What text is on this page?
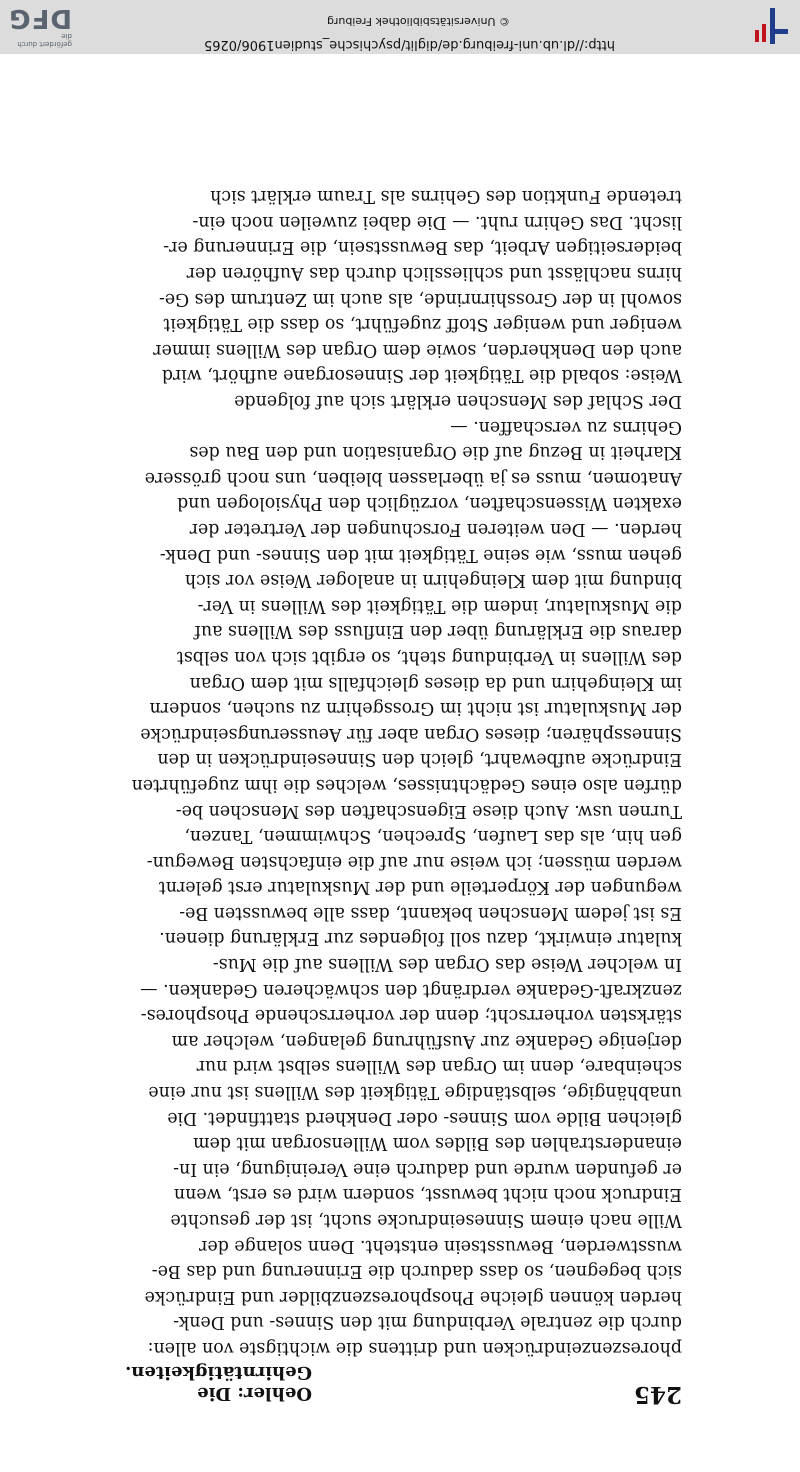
http://dl.ub.uni-freiburg.de/diglit/psychische_studien1906/0265
© Universitätsbibliothek Freiburg
gefördert durch die
DFG
Oehler: Die Gehirntätigkeiten.
245
phoreszenzeindrücken und drittens die wichtigste von allen:
durch die zentrale Verbindung mit den Sinnes- und Denk-
herden können gleiche Phosphoreszenzbilder und Eindrücke
sich begegnen, so dass dadurch die Erinnerung und das Be-
wusstwerden, Bewusstsein entsteht. Denn solange der
Wille nach einem Sinneseindrucke sucht, ist der gesuchte
Eindruck noch nicht bewusst, sondern wird es erst, wenn
er gefunden wurde und dadurch eine Vereinigung, ein In-
einanderstrahlen des Bildes vom Willensorgan mit dem
gleichen Bilde vom Sinnes- oder Denkherd stattfindet. Die
unabhängige, selbständige Tätigkeit des Willens ist nur eine
scheinbare, denn im Organ des Willens selbst wird nur
derjenige Gedanke zur Ausführung gelangen, welcher am
stärksten vorherrscht; denn der vorherrschende Phosphores-
zenzkraft-Gedanke verdrängt den schwächeren Gedanken. —
In welcher Weise das Organ des Willens auf die Mus-
kulatur einwirkt, dazu soll folgendes zur Erklärung dienen.
Es ist jedem Menschen bekannt, dass alle bewussten Be-
wegungen der Körperteile und der Muskulatur erst gelernt
werden müssen; ich weise nur auf die einfachsten Bewegun-
gen hin, als das Laufen, Sprechen, Schwimmen, Tanzen,
Turnen usw. Auch diese Eigenschaften des Menschen be-
dürfen also eines Gedächtnisses, welches die ihm zugeführten
Eindrücke aufbewahrt, gleich den Sinneseindrücken in den
Sinnessphären; dieses Organ aber für Aeusserungseindrücke
der Muskulatur ist nicht im Grossgehirn zu suchen, sondern
im Kleingehirn und da dieses gleichfalls mit dem Organ
des Willens in Verbindung steht, so ergibt sich von selbst
daraus die Erklärung über den Einfluss des Willens auf
die Muskulatur, indem die Tätigkeit des Willens in Ver-
bindung mit dem Kleingehirn in analoger Weise vor sich
gehen muss, wie seine Tätigkeit mit den Sinnes- und Denk-
herden. — Den weiteren Forschungen der Vertreter der
exakten Wissenschaften, vorzüglich den Physiologen und
Anatomen, muss es ja überlassen bleiben, uns noch grössere
Klarheit in Bezug auf die Organisation und den Bau des
Gehirns zu verschaffen. —
Der Schlaf des Menschen erklärt sich auf folgende
Weise: sobald die Tätigkeit der Sinnesorgane aufhört, wird
auch den Denkherden, sowie dem Organ des Willens immer
weniger und weniger Stoff zugeführt, so dass die Tätigkeit
sowohl in der Grosshirnrinde, als auch im Zentrum des Ge-
hirns nachlässt und schliesslich durch das Aufhören der
beiderseitigen Arbeit, das Bewusstsein, die Erinnerung er-
lischt. Das Gehirn ruht. — Die dabei zuweilen noch ein-
tretende Funktion des Gehirns als Traum erklärt sich
